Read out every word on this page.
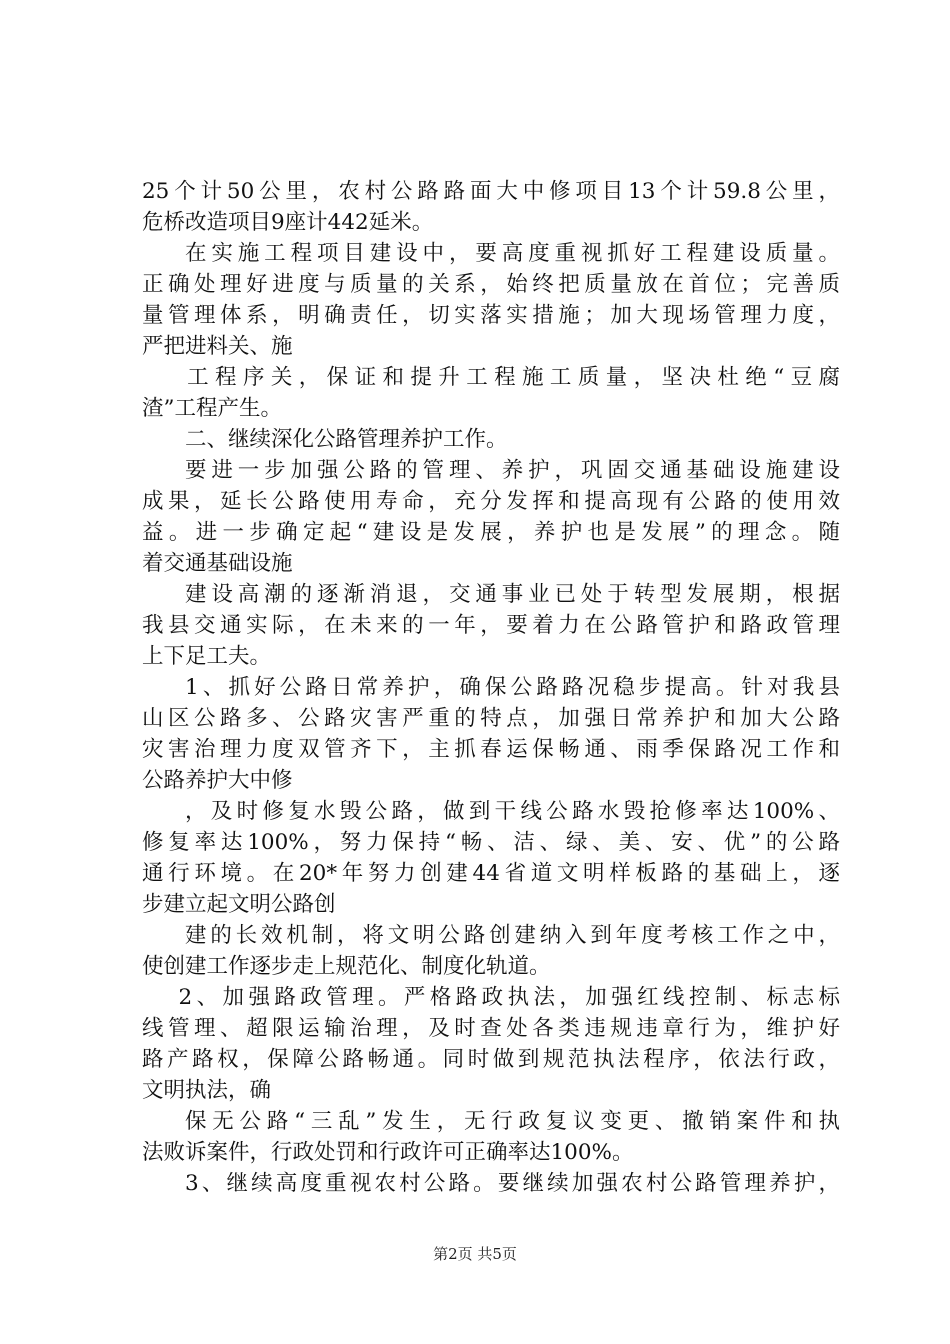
25个计50公里，农村公路路面大中修项目13个计59.8公里，
危桥改造项目9座计442延米。
在实施工程项目建设中，要高度重视抓好工程建设质量。
正确处理好进度与质量的关系，始终把质量放在首位；完善质
量管理体系，明确责任，切实落实措施；加大现场管理力度，
严把进料关、施
工程序关，保证和提升工程施工质量，坚决杜绝“豆腐
渣”工程产生。
二、继续深化公路管理养护工作。
要进一步加强公路的管理、养护，巩固交通基础设施建设
成果，延长公路使用寿命，充分发挥和提高现有公路的使用效
益。进一步确定起“建设是发展，养护也是发展”的理念。随
着交通基础设施
建设高潮的逐渐消退，交通事业已处于转型发展期，根据
我县交通实际，在未来的一年，要着力在公路管护和路政管理
上下足工夫。
1、抓好公路日常养护，确保公路路况稳步提高。针对我县
山区公路多、公路灾害严重的特点，加强日常养护和加大公路
灾害治理力度双管齐下，主抓春运保畅通、雨季保路况工作和
公路养护大中修
，及时修复水毁公路，做到干线公路水毁抢修率达100%、
修复率达100%，努力保持“畅、洁、绿、美、安、优”的公路
通行环境。在20*年努力创建44省道文明样板路的基础上，逐
步建立起文明公路创
建的长效机制，将文明公路创建纳入到年度考核工作之中，
使创建工作逐步走上规范化、制度化轨道。
2、加强路政管理。严格路政执法，加强红线控制、标志标
线管理、超限运输治理，及时查处各类违规违章行为，维护好
路产路权，保障公路畅通。同时做到规范执法程序，依法行政，
文明执法，确
保无公路“三乱”发生，无行政复议变更、撤销案件和执
法败诉案件，行政处罚和行政许可正确率达100%。
3、继续高度重视农村公路。要继续加强农村公路管理养护，
第2页 共5页
